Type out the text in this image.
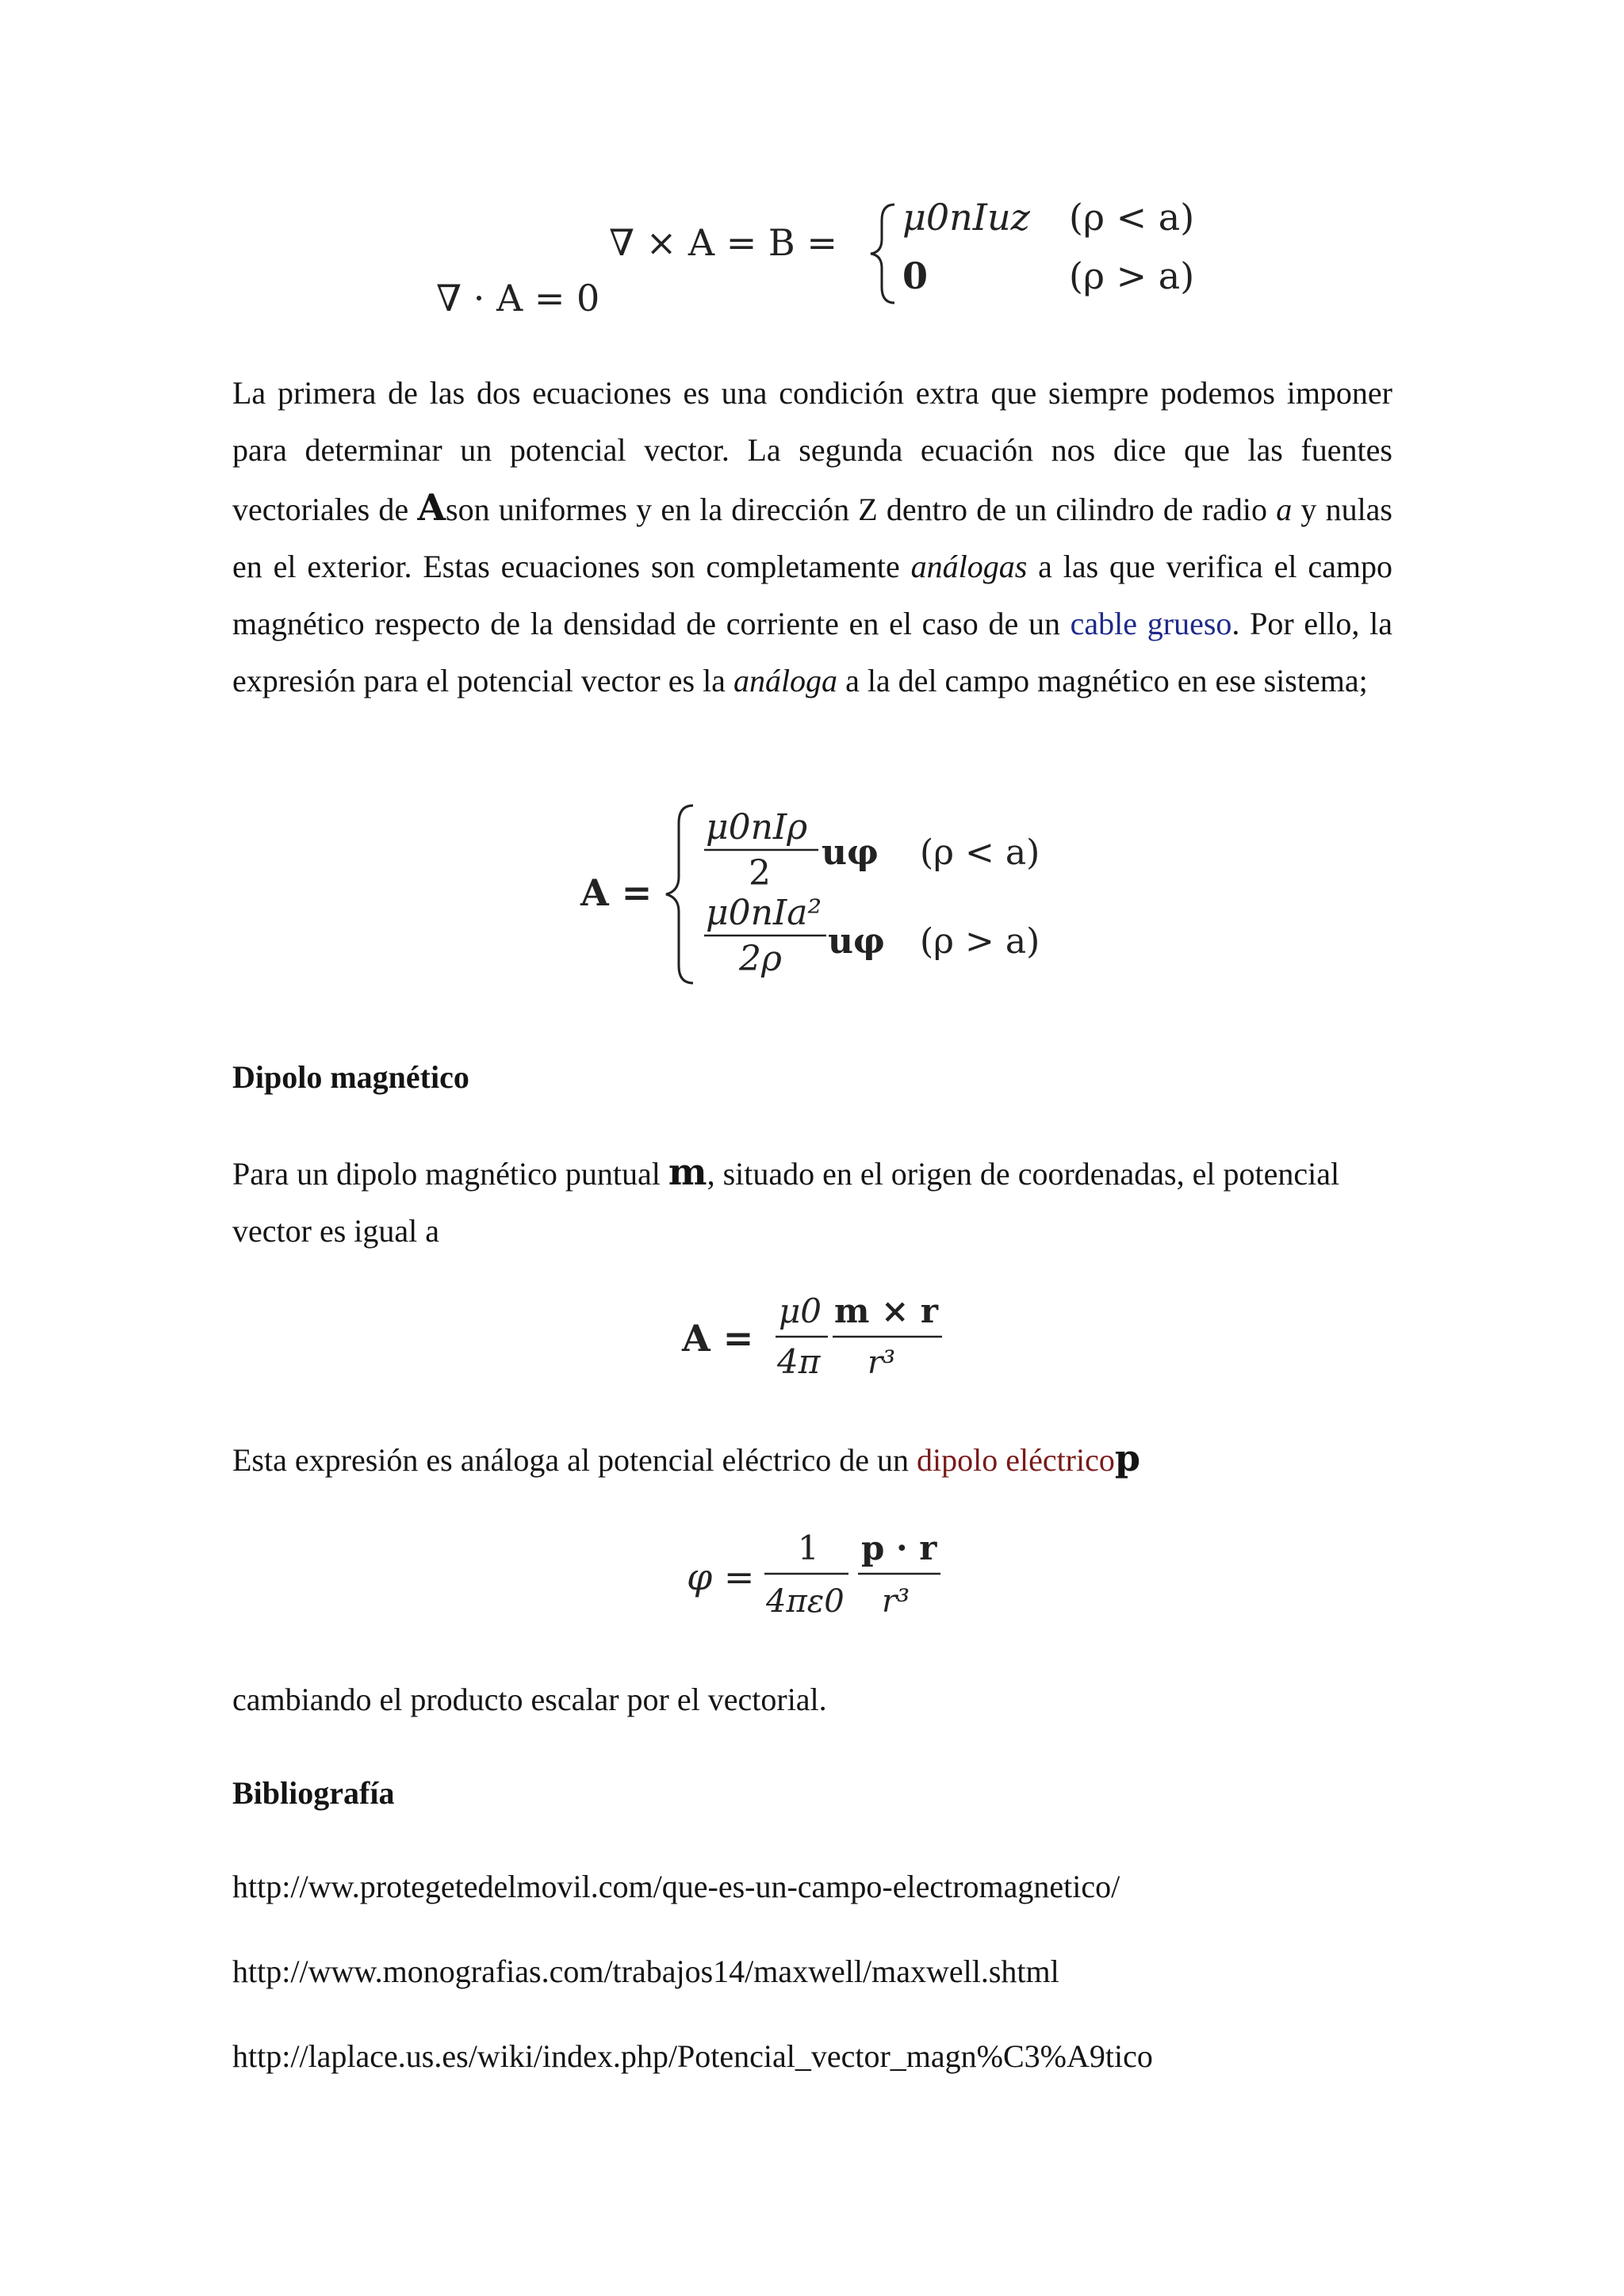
∇ · A = 0
∇ × A = B =
μ0nIuz (ρ < a)
0	(ρ > a)

La primera de las dos ecuaciones es una condición extra que siempre podemos imponer para determinar un potencial vector. La segunda ecuación nos dice que las fuentes vectoriales de Ason uniformes y en la dirección Z dentro de un cilindro de radio a y nulas en el exterior. Estas ecuaciones son completamente análogas a las que verifica el campo magnético respecto de la densidad de corriente en el caso de un cable grueso. Por ello, la expresión para el potencial vector es la análoga a la del campo magnético en ese sistema;

A =
μ0nIρ
2
uφ (ρ < a)
μ0nIa²
2ρ uφ (ρ > a)
Dipolo magnético

Para un dipolo magnético puntual m, situado en el origen de coordenadas, el potencial vector es igual a

A =
μ0
4π
m × r
r³

Esta expresión es análoga al potencial eléctrico de un dipolo eléctricop

φ =
1
4πε0
p · r
r³

cambiando el producto escalar por el vectorial.

Bibliografía

http://ww.protegetedelmovil.com/que-es-un-campo-electromagnetico/

http://www.monografias.com/trabajos14/maxwell/maxwell.shtml

http://laplace.us.es/wiki/index.php/Potencial_vector_magn%C3%A9tico
